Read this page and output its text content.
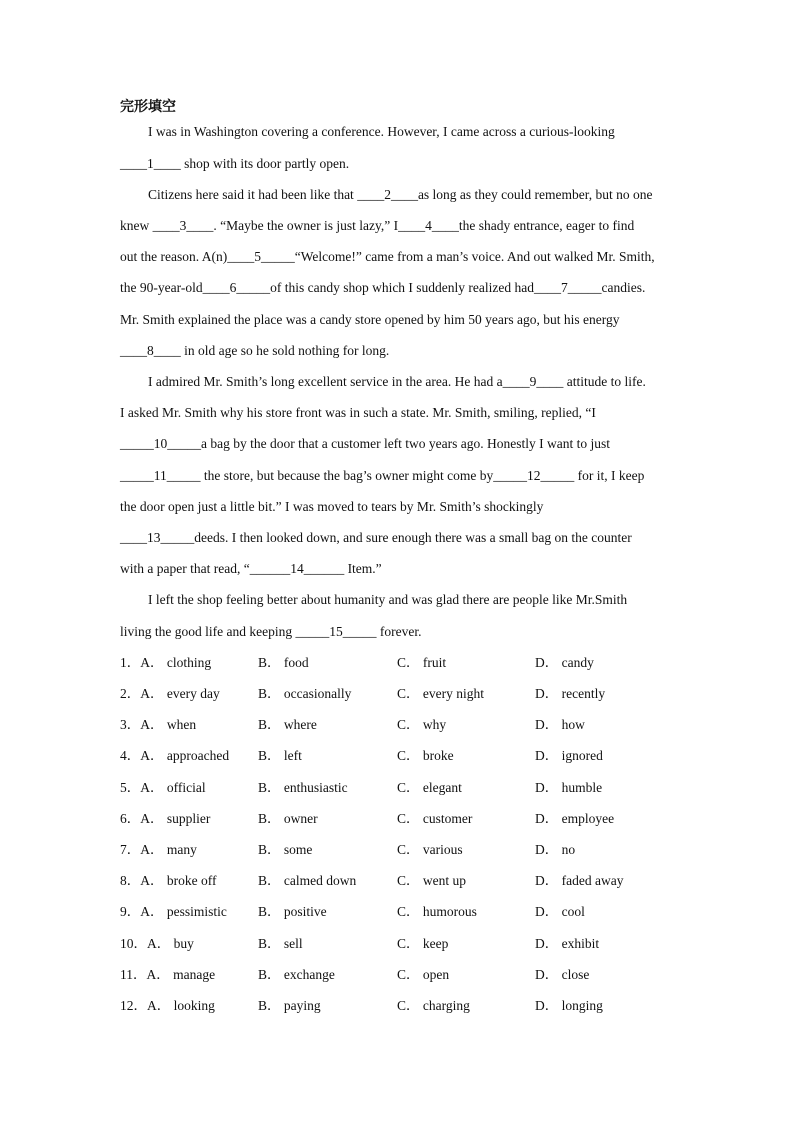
完形填空
I was in Washington covering a conference. However, I came across a curious-looking
____1____ shop with its door partly open.
Citizens here said it had been like that ____2____as long as they could remember, but no one
knew ____3____. “Maybe the owner is just lazy,” I____4____the shady entrance, eager to find
out the reason. A(n)____5_____“Welcome!” came from a man’s voice. And out walked Mr. Smith,
the 90-year-old____6_____of this candy shop which I suddenly realized had____7_____candies.
Mr. Smith explained the place was a candy store opened by him 50 years ago, but his energy
____8____ in old age so he sold nothing for long.
I admired Mr. Smith’s long excellent service in the area. He had a____9____ attitude to life.
I asked Mr. Smith why his store front was in such a state. Mr. Smith, smiling, replied, “I
_____10_____a bag by the door that a customer left two years ago. Honestly I want to just
_____11_____ the store, but because the bag’s owner might come by_____12_____ for it, I keep
the door open just a little bit.” I was moved to tears by Mr. Smith’s shockingly
____13_____deeds. I then looked down, and sure enough there was a small bag on the counter
with a paper that read, “______14______ Item.”
I left the shop feeling better about humanity and was glad there are people like Mr.Smith
living the good life and keeping _____15_____ forever.
1．A． clothing	B． food	C． fruit	D． candy
2．A． every day	B． occasionally	C． every night	D． recently
3．A． when	B． where	C． why	D． how
4．A． approached B． left	C． broke	D． ignored
5．A． official	B． enthusiastic	C． elegant	D． humble
6．A． supplier	B． owner	C． customer	D． employee
7．A． many	B． some	C． various	D． no
8．A． broke off	B． calmed down	C． went up	D． faded away
9．A． pessimistic B． positive	C． humorous	D． cool
10．A． buy	B． sell	C． keep	D． exhibit
11．A． manage	B． exchange	C． open	D． close
12．A． looking	B． paying	C． charging	D． longing
